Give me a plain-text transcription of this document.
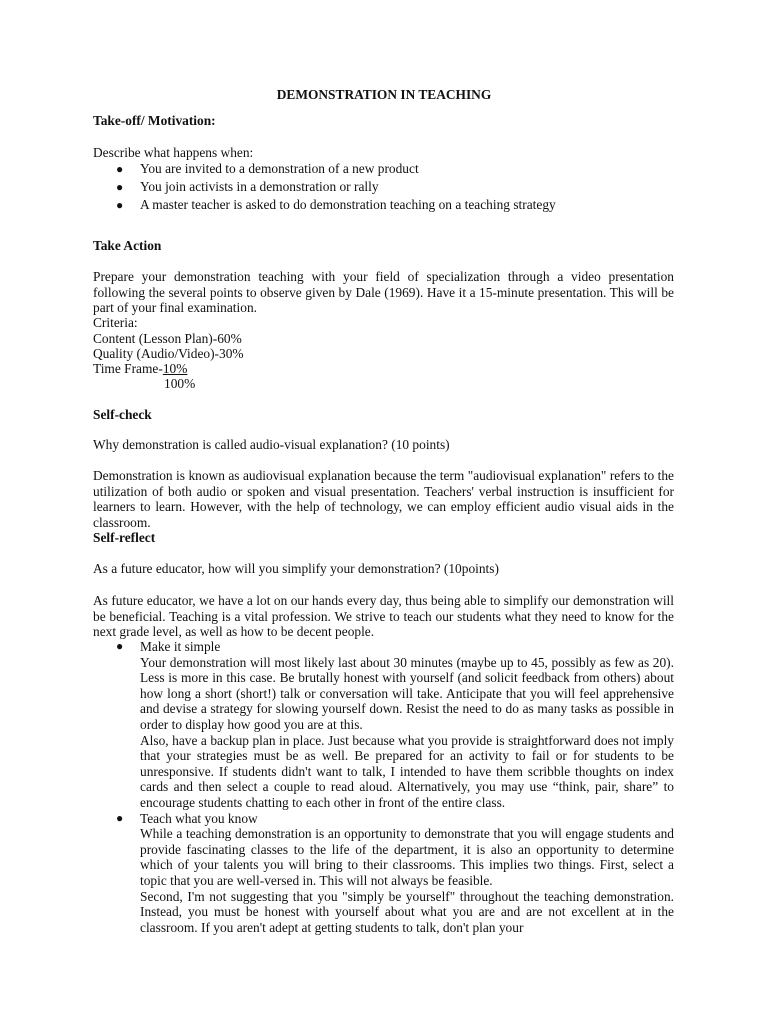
DEMONSTRATION IN TEACHING
Take-off/ Motivation:
Describe what happens when:
● You are invited to a demonstration of a new product
● You join activists in a demonstration or rally
● A master teacher is asked to do demonstration teaching on a teaching strategy
Take Action
Prepare your demonstration teaching with your field of specialization through a video presentation following the several points to observe given by Dale (1969). Have it a 15-minute presentation. This will be part of your final examination.
Criteria:
Content (Lesson Plan)-60%
Quality (Audio/Video)-30%
Time Frame-10%
100%
Self-check
Why demonstration is called audio-visual explanation? (10 points)
Demonstration is known as audiovisual explanation because the term "audiovisual explanation" refers to the utilization of both audio or spoken and visual presentation. Teachers' verbal instruction is insufficient for learners to learn. However, with the help of technology, we can employ efficient audio visual aids in the classroom.
Self-reflect
As a future educator, how will you simplify your demonstration? (10points)
As future educator, we have a lot on our hands every day, thus being able to simplify our demonstration will be beneficial. Teaching is a vital profession. We strive to teach our students what they need to know for the next grade level, as well as how to be decent people.
● Make it simple
Your demonstration will most likely last about 30 minutes (maybe up to 45, possibly as few as 20). Less is more in this case. Be brutally honest with yourself (and solicit feedback from others) about how long a short (short!) talk or conversation will take. Anticipate that you will feel apprehensive and devise a strategy for slowing yourself down. Resist the need to do as many tasks as possible in order to display how good you are at this.
Also, have a backup plan in place. Just because what you provide is straightforward does not imply that your strategies must be as well. Be prepared for an activity to fail or for students to be unresponsive. If students didn't want to talk, I intended to have them scribble thoughts on index cards and then select a couple to read aloud. Alternatively, you may use “think, pair, share” to encourage students chatting to each other in front of the entire class.
● Teach what you know
While a teaching demonstration is an opportunity to demonstrate that you will engage students and provide fascinating classes to the life of the department, it is also an opportunity to determine which of your talents you will bring to their classrooms. This implies two things. First, select a topic that you are well-versed in. This will not always be feasible.
Second, I'm not suggesting that you "simply be yourself" throughout the teaching demonstration. Instead, you must be honest with yourself about what you are and are not excellent at in the classroom. If you aren't adept at getting students to talk, don't plan your
